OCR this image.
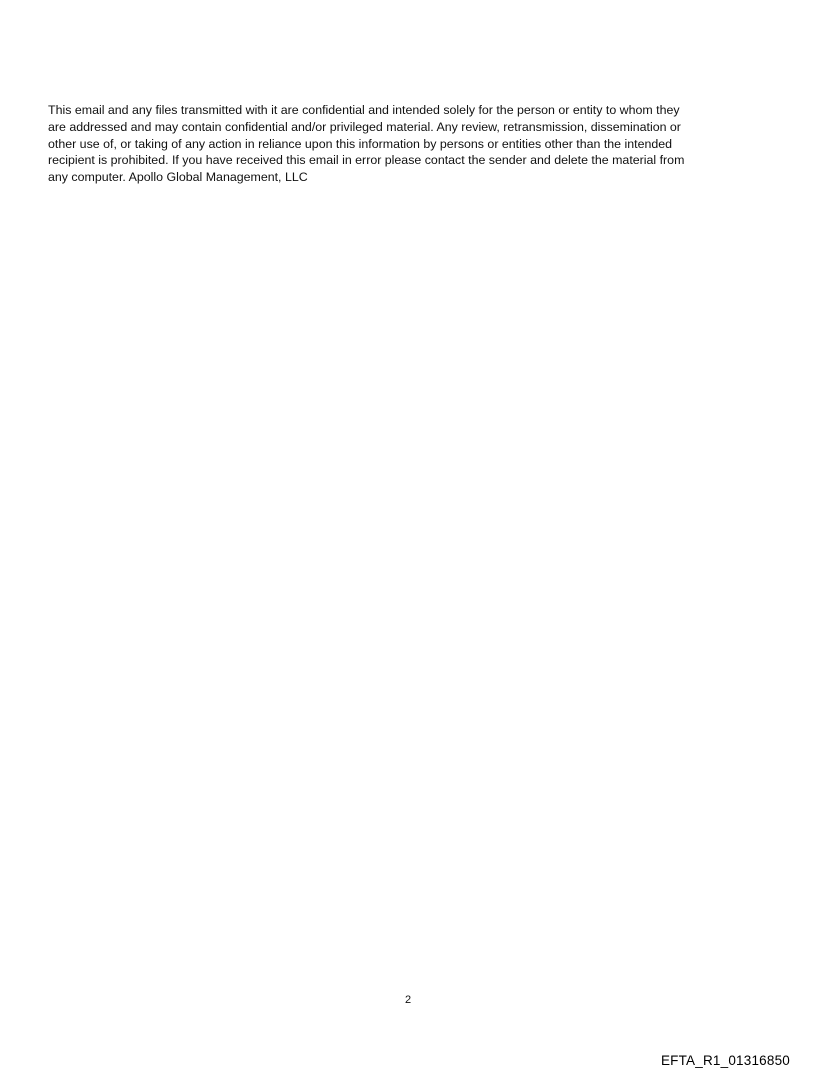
This email and any files transmitted with it are confidential and intended solely for the person or entity to whom they
are addressed and may contain confidential and/or privileged material. Any review, retransmission, dissemination or
other use of, or taking of any action in reliance upon this information by persons or entities other than the intended
recipient is prohibited. If you have received this email in error please contact the sender and delete the material from
any computer. Apollo Global Management, LLC

2
EFTA_R1_01316850
